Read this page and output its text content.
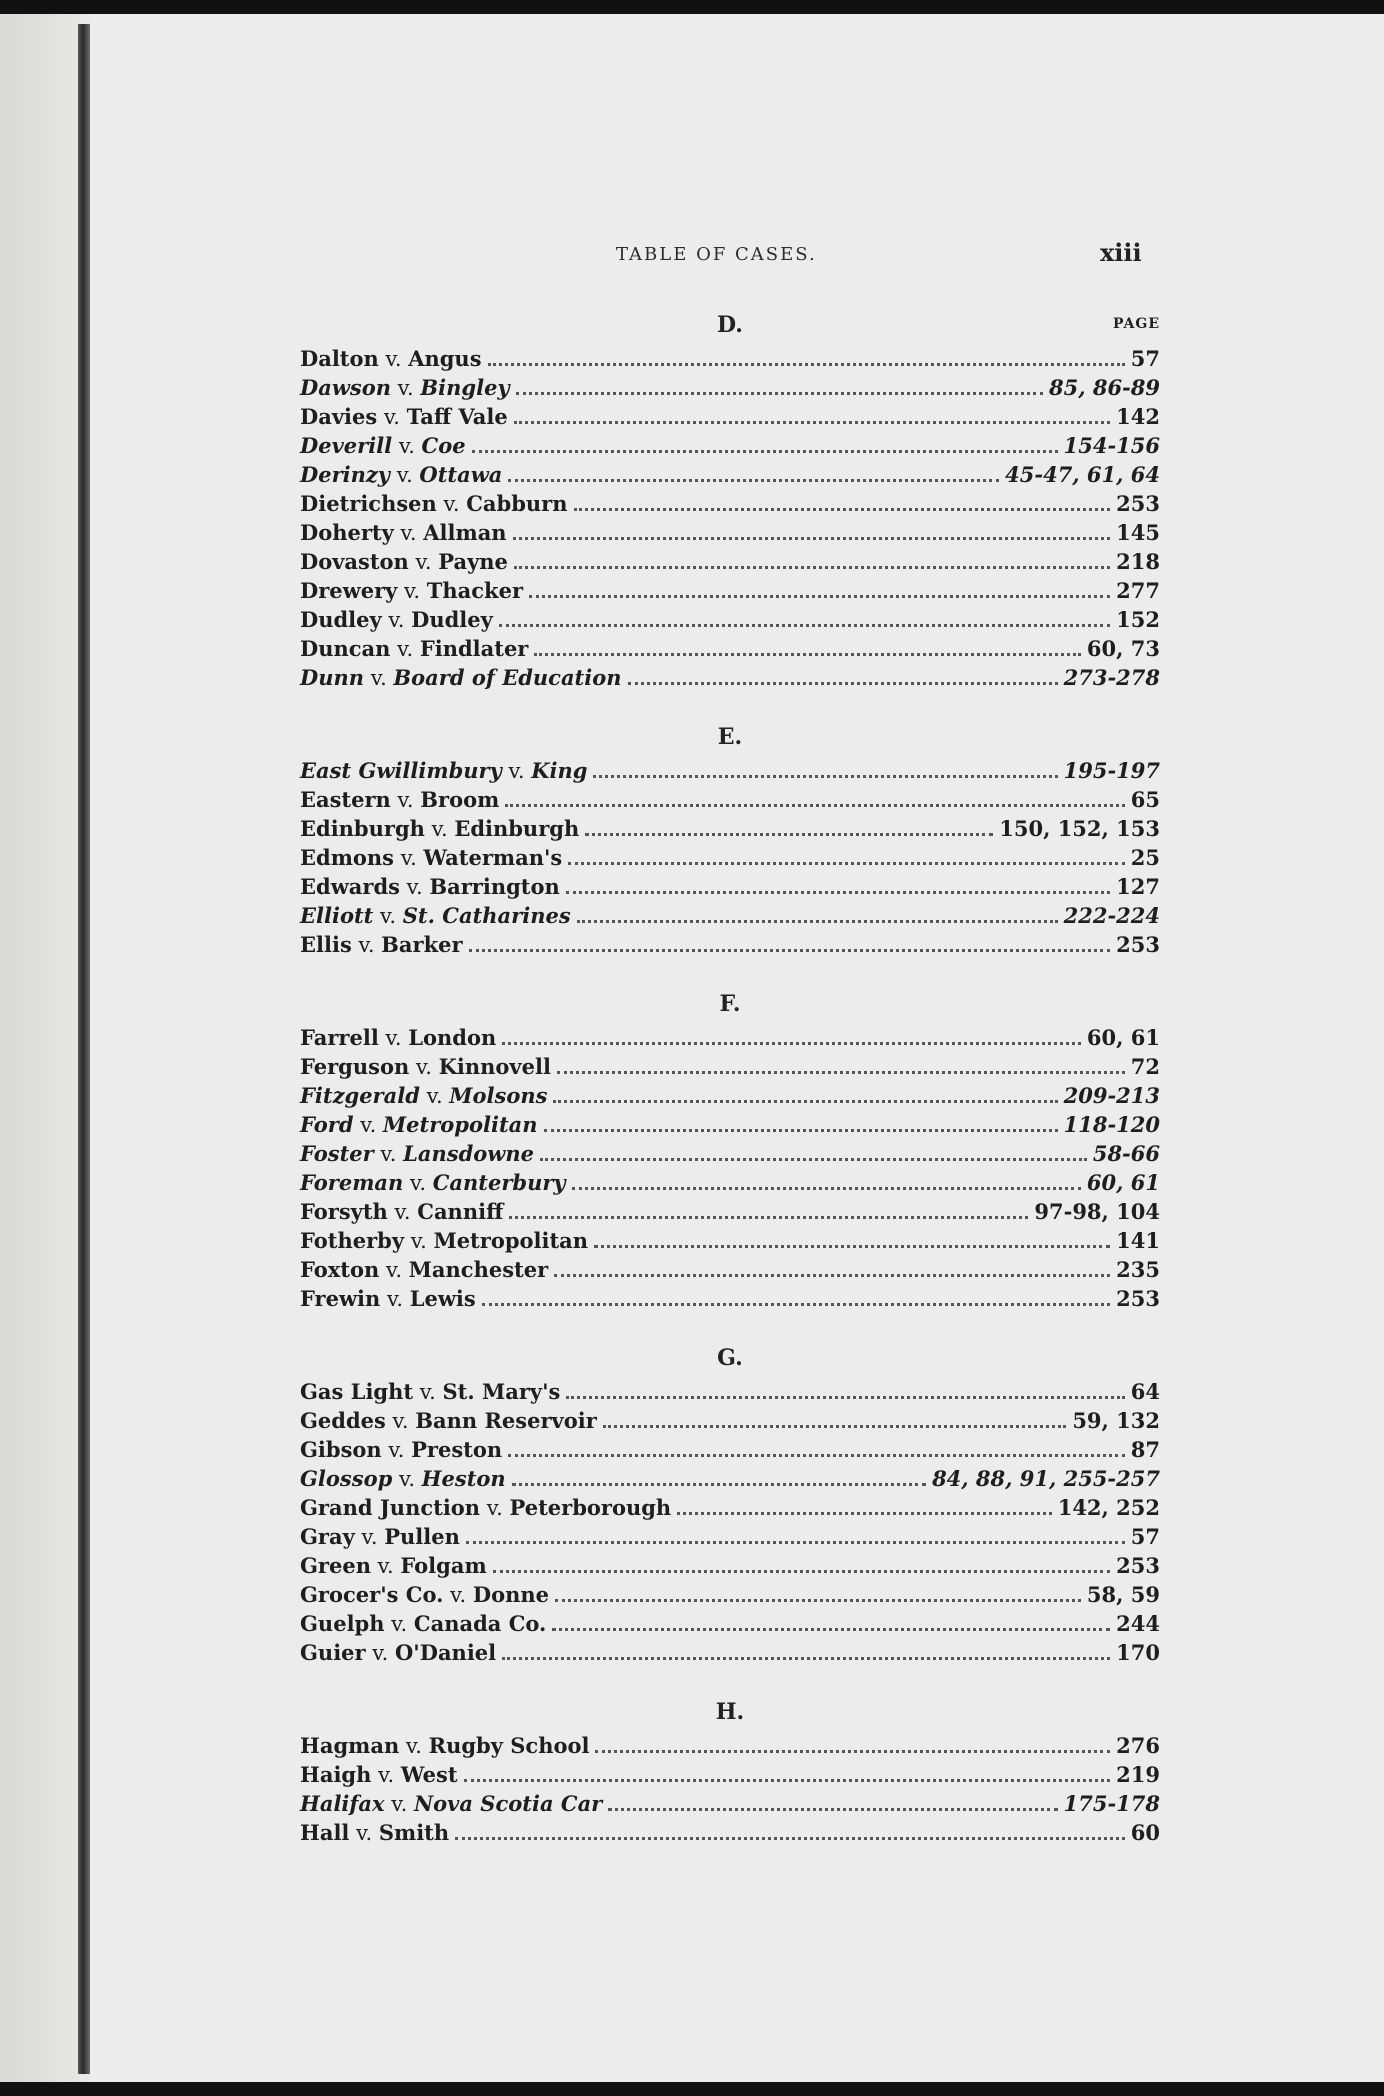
TABLE OF CASES.	xiii
D.	PAGE
Dalton v. Angus	57
Dawson v. Bingley	85, 86-89
Davies v. Taff Vale	142
Deverill v. Coe	154-156
Derinzy v. Ottawa	45-47, 61, 64
Dietrichsen v. Cabburn	253
Doherty v. Allman	145
Dovaston v. Payne	218
Drewery v. Thacker	277
Dudley v. Dudley	152
Duncan v. Findlater	60, 73
Dunn v. Board of Education	273-278
E.
East Gwillimbury v. King	195-197
Eastern v. Broom	65
Edinburgh v. Edinburgh	150, 152, 153
Edmons v. Waterman's	25
Edwards v. Barrington	127
Elliott v. St. Catharines	222-224
Ellis v. Barker	253
F.
Farrell v. London	60, 61
Ferguson v. Kinnovell	72
Fitzgerald v. Molsons	209-213
Ford v. Metropolitan	118-120
Foster v. Lansdowne	58-66
Foreman v. Canterbury	60, 61
Forsyth v. Canniff	97-98, 104
Fotherby v. Metropolitan	141
Foxton v. Manchester	235
Frewin v. Lewis	253
G.
Gas Light v. St. Mary's	64
Geddes v. Bann Reservoir	59, 132
Gibson v. Preston	87
Glossop v. Heston	84, 88, 91, 255-257
Grand Junction v. Peterborough	142, 252
Gray v. Pullen	57
Green v. Folgam	253
Grocer's Co. v. Donne	58, 59
Guelph v. Canada Co.	244
Guier v. O'Daniel	170
H.
Hagman v. Rugby School	276
Haigh v. West	219
Halifax v. Nova Scotia Car	175-178
Hall v. Smith	60
